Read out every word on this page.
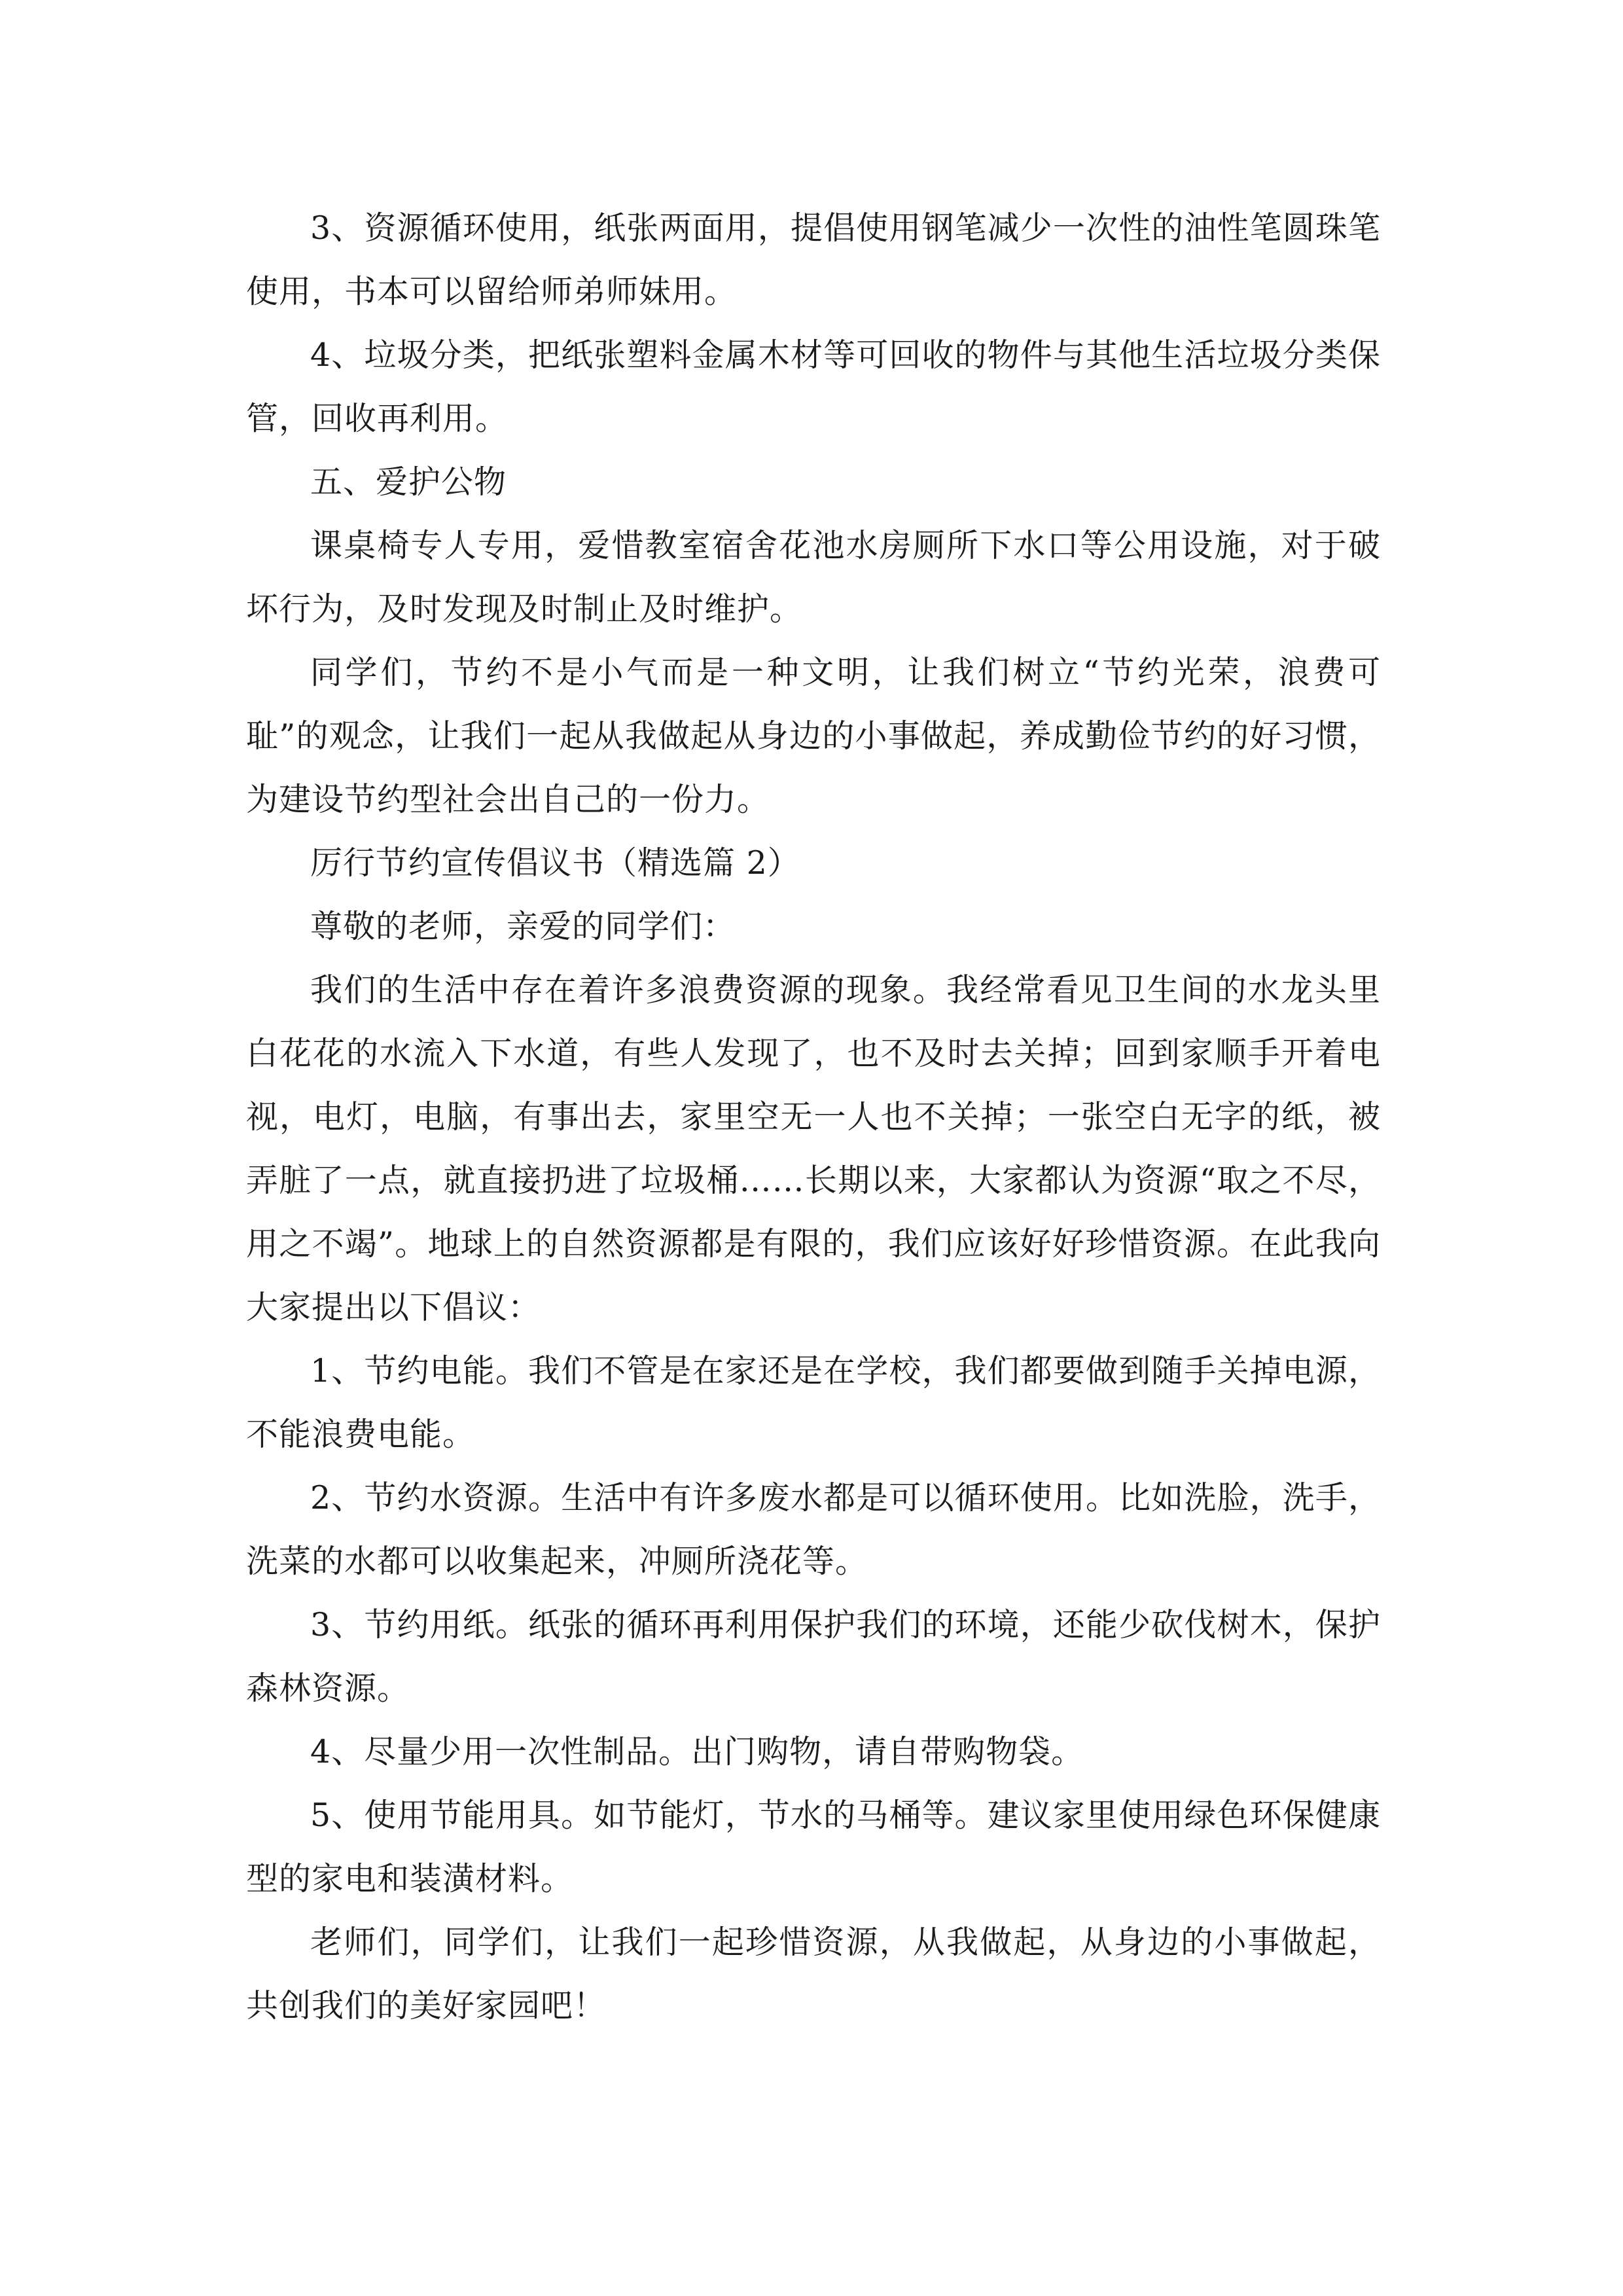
3、资源循环使用，纸张两面用，提倡使用钢笔减少一次性的油性笔圆珠笔使用，书本可以留给师弟师妹用。

4、垃圾分类，把纸张塑料金属木材等可回收的物件与其他生活垃圾分类保管，回收再利用。

五、爱护公物

课桌椅专人专用，爱惜教室宿舍花池水房厕所下水口等公用设施，对于破坏行为，及时发现及时制止及时维护。

同学们，节约不是小气而是一种文明，让我们树立“节约光荣，浪费可耻”的观念，让我们一起从我做起从身边的小事做起，养成勤俭节约的好习惯，为建设节约型社会出自己的一份力。

厉行节约宣传倡议书（精选篇 2）

尊敬的老师，亲爱的同学们：

我们的生活中存在着许多浪费资源的现象。我经常看见卫生间的水龙头里白花花的水流入下水道，有些人发现了，也不及时去关掉；回到家顺手开着电视，电灯，电脑，有事出去，家里空无一人也不关掉；一张空白无字的纸，被弄脏了一点，就直接扔进了垃圾桶……长期以来，大家都认为资源“取之不尽，用之不竭”。地球上的自然资源都是有限的，我们应该好好珍惜资源。在此我向大家提出以下倡议：

1、节约电能。我们不管是在家还是在学校，我们都要做到随手关掉电源，不能浪费电能。

2、节约水资源。生活中有许多废水都是可以循环使用。比如洗脸，洗手，洗菜的水都可以收集起来，冲厕所浇花等。

3、节约用纸。纸张的循环再利用保护我们的环境，还能少砍伐树木，保护森林资源。

4、尽量少用一次性制品。出门购物，请自带购物袋。

5、使用节能用具。如节能灯，节水的马桶等。建议家里使用绿色环保健康型的家电和装潢材料。

老师们，同学们，让我们一起珍惜资源，从我做起，从身边的小事做起，共创我们的美好家园吧！
